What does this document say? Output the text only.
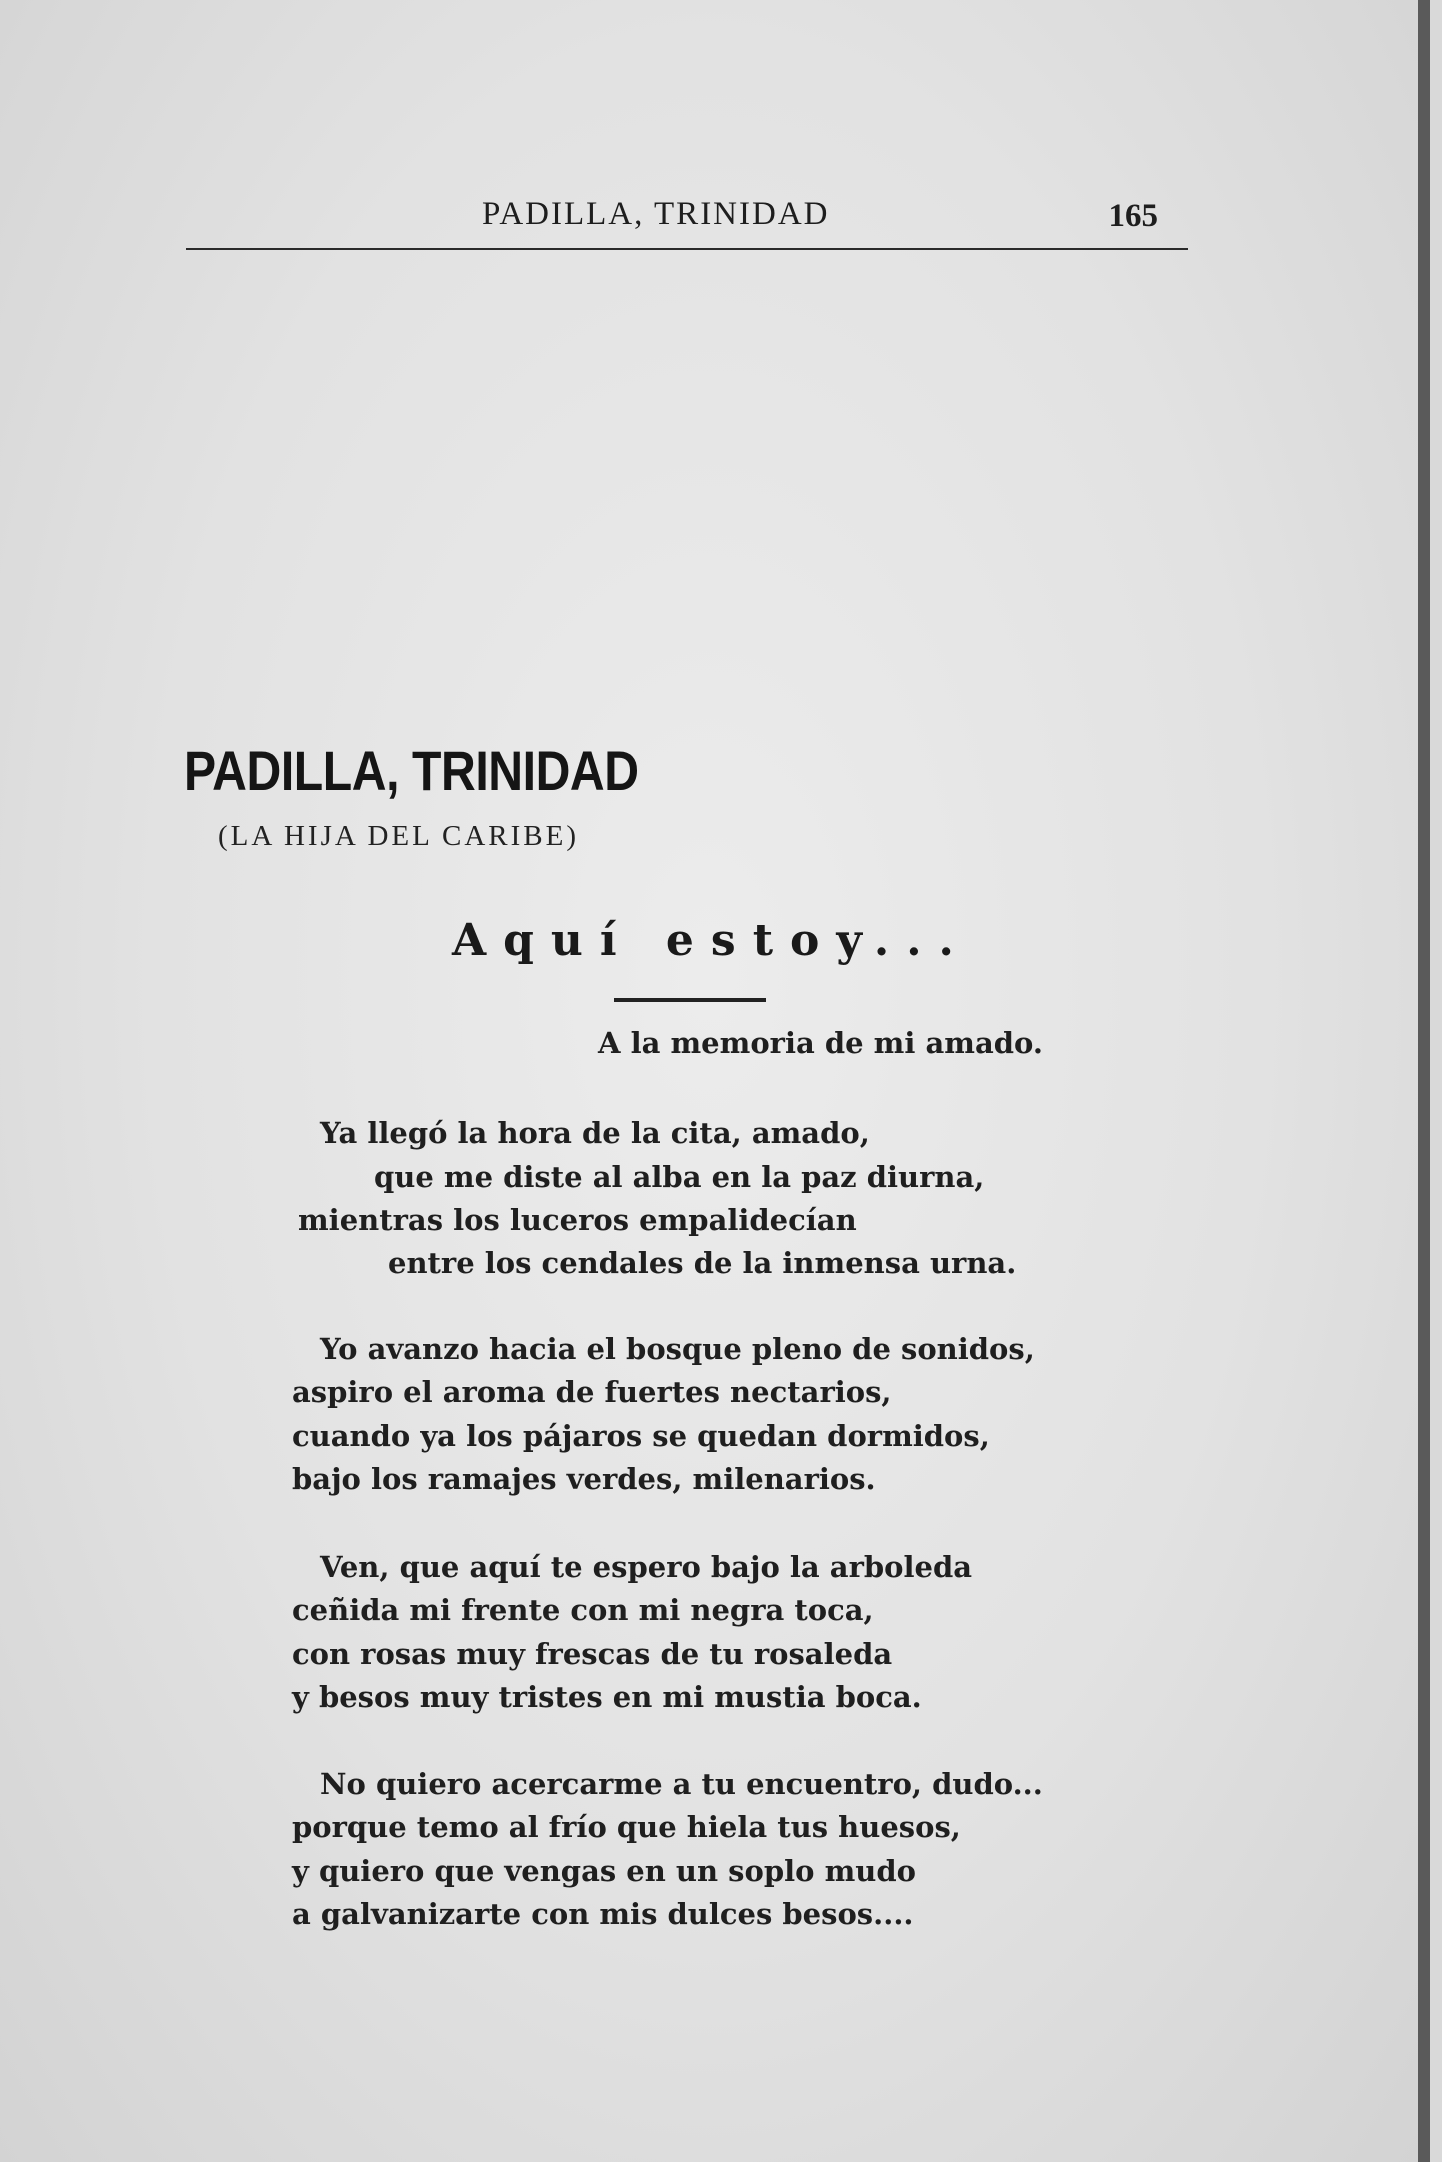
PADILLA, TRINIDAD	165
PADILLA, TRINIDAD
(LA HIJA DEL CARIBE)
Aquí estoy...
A la memoria de mi amado.
Ya llegó la hora de la cita, amado,
que me diste al alba en la paz diurna,
mientras los luceros empalidecían
entre los cendales de la inmensa urna.
Yo avanzo hacia el bosque pleno de sonidos,
aspiro el aroma de fuertes nectarios,
cuando ya los pájaros se quedan dormidos,
bajo los ramajes verdes, milenarios.
Ven, que aquí te espero bajo la arboleda
ceñida mi frente con mi negra toca,
con rosas muy frescas de tu rosaleda
y besos muy tristes en mi mustia boca.
No quiero acercarme a tu encuentro, dudo...
porque temo al frío que hiela tus huesos,
y quiero que vengas en un soplo mudo
a galvanizarte con mis dulces besos....
